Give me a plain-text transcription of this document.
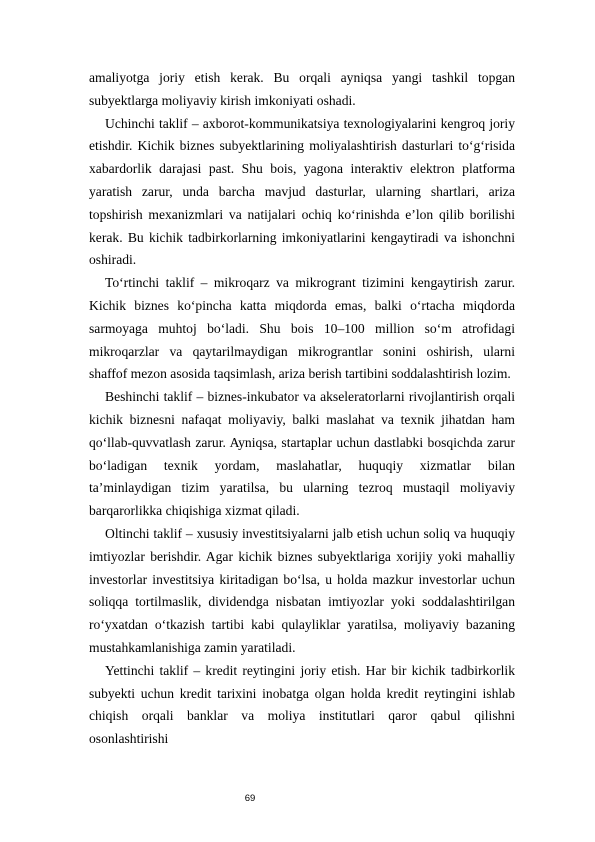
amaliyotga joriy etish kerak. Bu orqali ayniqsa yangi tashkil topgan subyektlarga moliyaviy kirish imkoniyati oshadi.

Uchinchi taklif – axborot-kommunikatsiya texnologiyalarini kengroq joriy etishdir. Kichik biznes subyektlarining moliyalashtirish dasturlari to‘g‘risida xabardorlik darajasi past. Shu bois, yagona interaktiv elektron platforma yaratish zarur, unda barcha mavjud dasturlar, ularning shartlari, ariza topshirish mexanizmlari va natijalari ochiq ko‘rinishda e’lon qilib borilishi kerak. Bu kichik tadbirkorlarning imkoniyatlarini kengaytiradi va ishonchni oshiradi.

To‘rtinchi taklif – mikroqarz va mikrogrant tizimini kengaytirish zarur. Kichik biznes ko‘pincha katta miqdorda emas, balki o‘rtacha miqdorda sarmoyaga muhtoj bo‘ladi. Shu bois 10–100 million so‘m atrofidagi mikroqarzlar va qaytarilmaydigan mikrograntlar sonini oshirish, ularni shaffof mezon asosida taqsimlash, ariza berish tartibini soddalashtirish lozim.

Beshinchi taklif – biznes-inkubator va akseleratorlarni rivojlantirish orqali kichik biznesni nafaqat moliyaviy, balki maslahat va texnik jihatdan ham qo‘llab-quvvatlash zarur. Ayniqsa, startaplar uchun dastlabki bosqichda zarur bo‘ladigan texnik yordam, maslahatlar, huquqiy xizmatlar bilan ta’minlaydigan tizim yaratilsa, bu ularning tezroq mustaqil moliyaviy barqarorlikka chiqishiga xizmat qiladi.

Oltinchi taklif – xususiy investitsiyalarni jalb etish uchun soliq va huquqiy imtiyozlar berishdir. Agar kichik biznes subyektlariga xorijiy yoki mahalliy investorlar investitsiya kiritadigan bo‘lsa, u holda mazkur investorlar uchun soliqqa tortilmaslik, dividendga nisbatan imtiyozlar yoki soddalashtirilgan ro‘yxatdan o‘tkazish tartibi kabi qulayliklar yaratilsa, moliyaviy bazaning mustahkamlanishiga zamin yaratiladi.

Yettinchi taklif – kredit reytingini joriy etish. Har bir kichik tadbirkorlik subyekti uchun kredit tarixini inobatga olgan holda kredit reytingini ishlab chiqish orqali banklar va moliya institutlari qaror qabul qilishni osonlashtirishi

69
